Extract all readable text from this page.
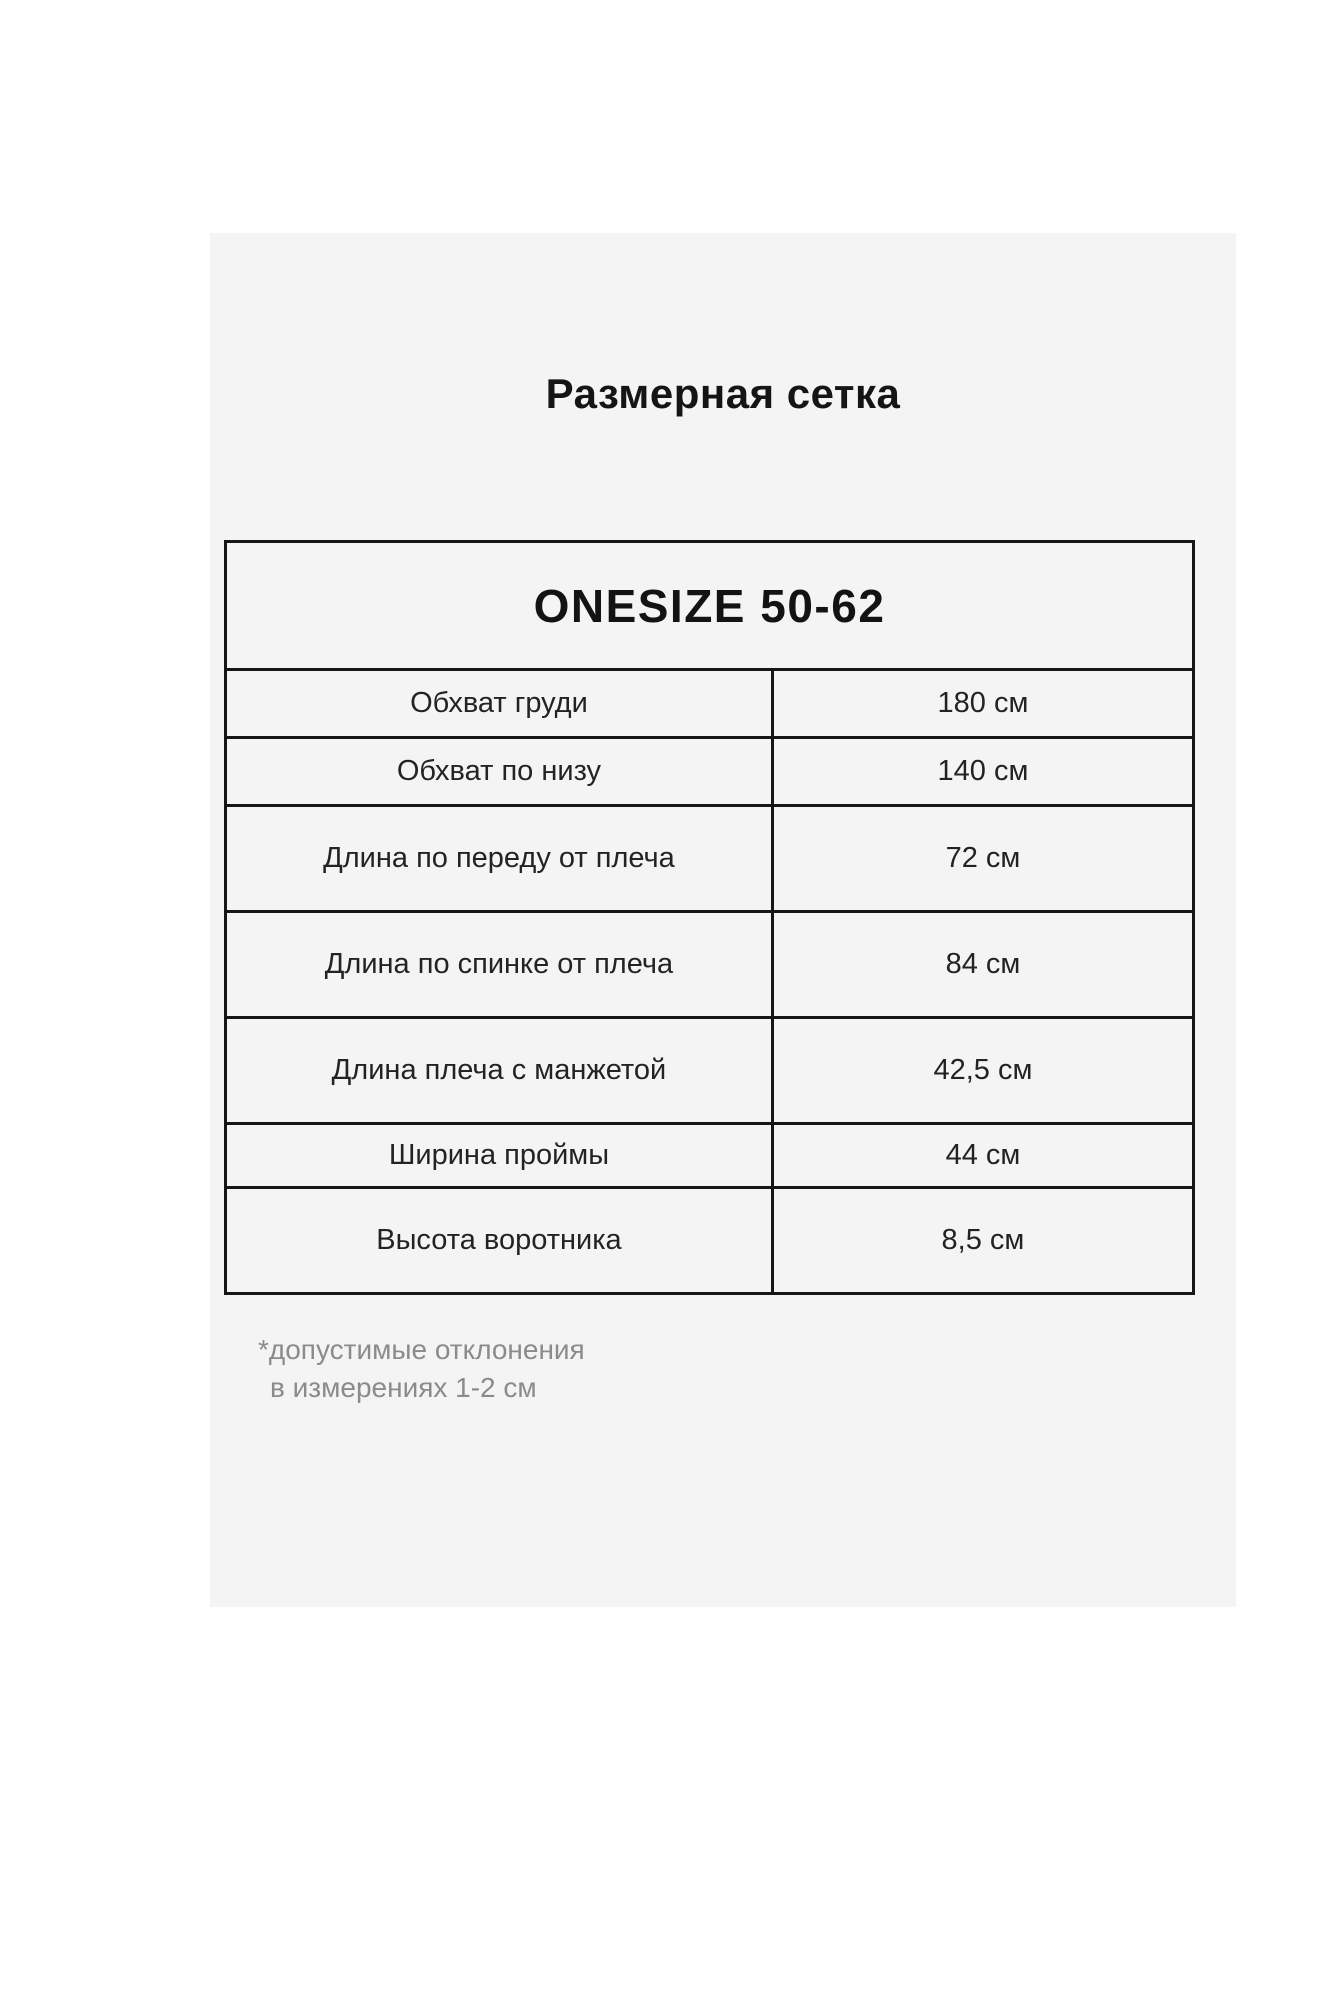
Размерная сетка
ONESIZE 50-62	
Обхват груди	180 см
Обхват по низу	140 см
Длина по переду от плеча	72 см
Длина по спинке от плеча	84 см
Длина плеча с манжетой	42,5 см
Ширина проймы	44 см
Высота воротника	8,5 см
*допустимые отклонения
в измерениях 1-2 см
